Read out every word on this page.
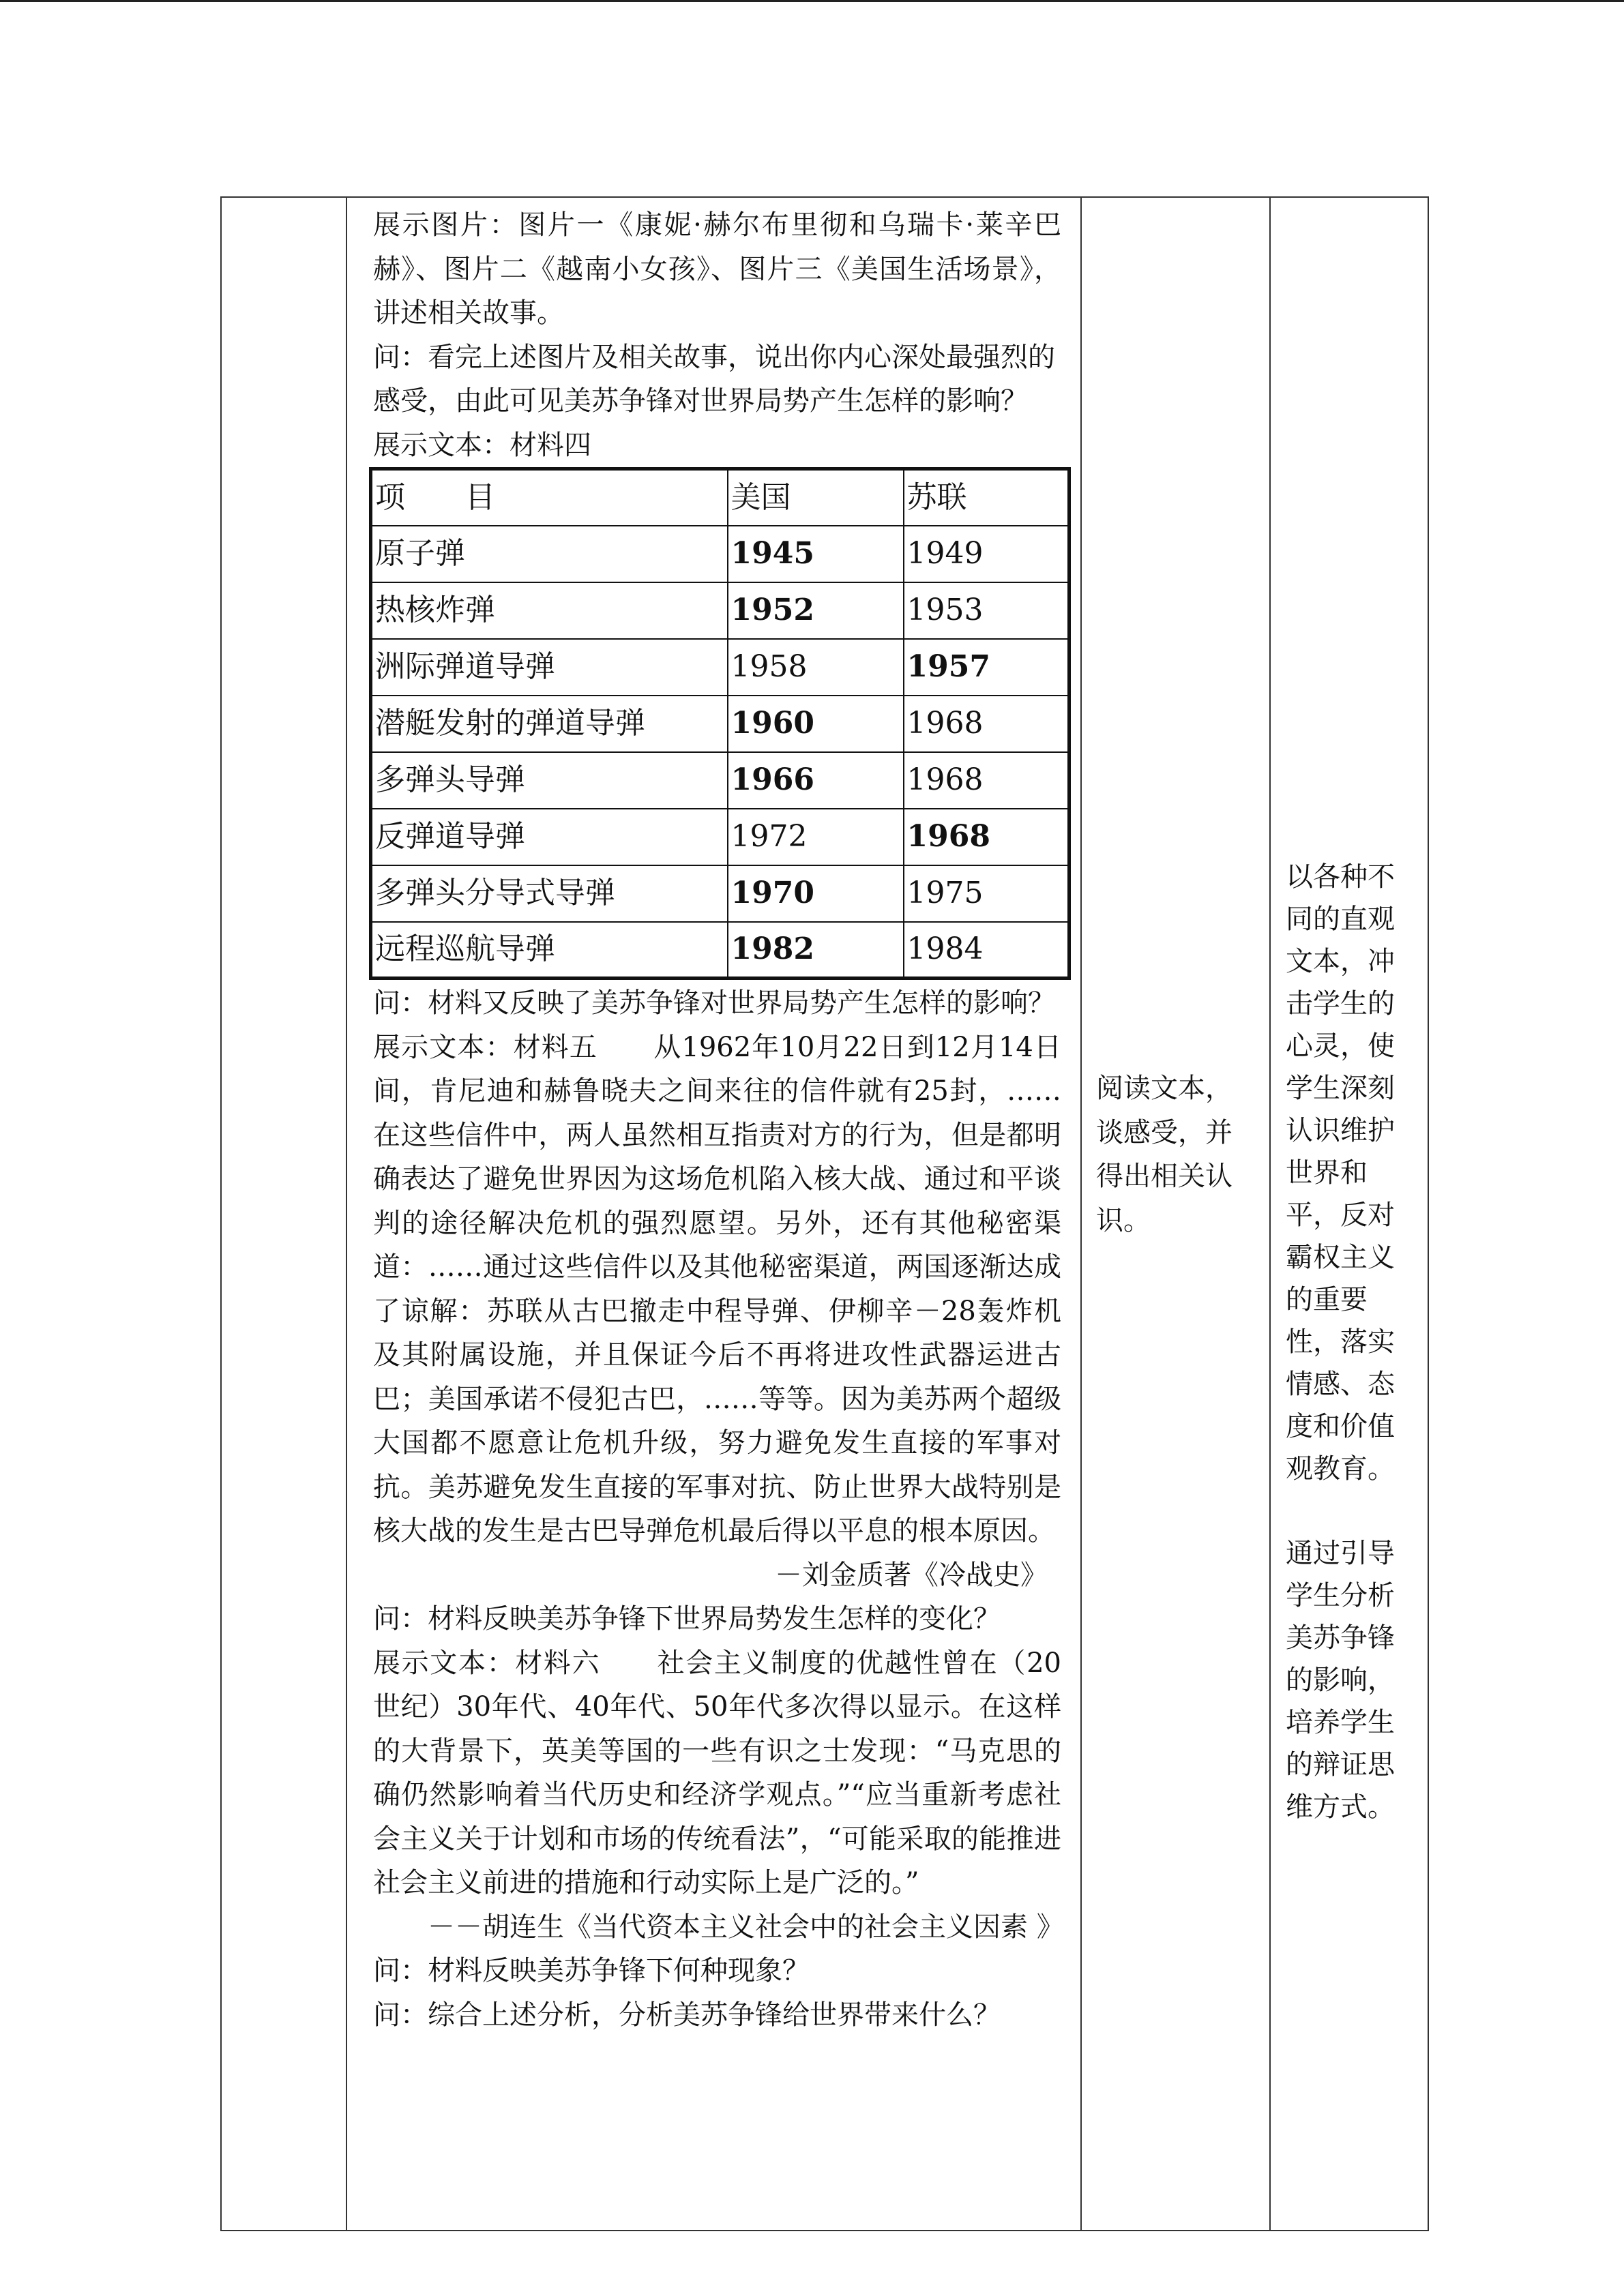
展示图片：图片一《康妮·赫尔布里彻和乌瑞卡·莱辛巴赫》、图片二《越南小女孩》、图片三《美国生活场景》，讲述相关故事。

问：看完上述图片及相关故事，说出你内心深处最强烈的感受，由此可见美苏争锋对世界局势产生怎样的影响？

展示文本：材料四

项　　目	美国	苏联
原子弹	1945	1949
热核炸弹	1952	1953
洲际弹道导弹	1958	1957
潜艇发射的弹道导弹	1960	1968
多弹头导弹	1966	1968
反弹道导弹	1972	1968
多弹头分导式导弹	1970	1975
远程巡航导弹	1982	1984

问：材料又反映了美苏争锋对世界局势产生怎样的影响？

展示文本：材料五　　从1962年10月22日到12月14日间，肯尼迪和赫鲁晓夫之间来往的信件就有25封，……在这些信件中，两人虽然相互指责对方的行为，但是都明确表达了避免世界因为这场危机陷入核大战、通过和平谈判的途径解决危机的强烈愿望。另外，还有其他秘密渠道：……通过这些信件以及其他秘密渠道，两国逐渐达成了谅解：苏联从古巴撤走中程导弹、伊柳辛－28轰炸机及其附属设施，并且保证今后不再将进攻性武器运进古巴；美国承诺不侵犯古巴，……等等。因为美苏两个超级大国都不愿意让危机升级，努力避免发生直接的军事对抗。美苏避免发生直接的军事对抗、防止世界大战特别是核大战的发生是古巴导弹危机最后得以平息的根本原因。

－刘金质著《冷战史》

问：材料反映美苏争锋下世界局势发生怎样的变化？

展示文本：材料六　　社会主义制度的优越性曾在（20世纪）30年代、40年代、50年代多次得以显示。在这样的大背景下，英美等国的一些有识之士发现：“马克思的确仍然影响着当代历史和经济学观点。”“应当重新考虑社会主义关于计划和市场的传统看法”，“可能采取的能推进社会主义前进的措施和行动实际上是广泛的。”

－－胡连生《当代资本主义社会中的社会主义因素 》

问：材料反映美苏争锋下何种现象？

问：综合上述分析，分析美苏争锋给世界带来什么？

阅读文本，谈感受，并得出相关认识。

以各种不同的直观文本，冲击学生的心灵，使学生深刻认识维护世界和平，反对霸权主义的重要性，落实情感、态度和价值观教育。

通过引导学生分析美苏争锋的影响，培养学生的辩证思维方式。
